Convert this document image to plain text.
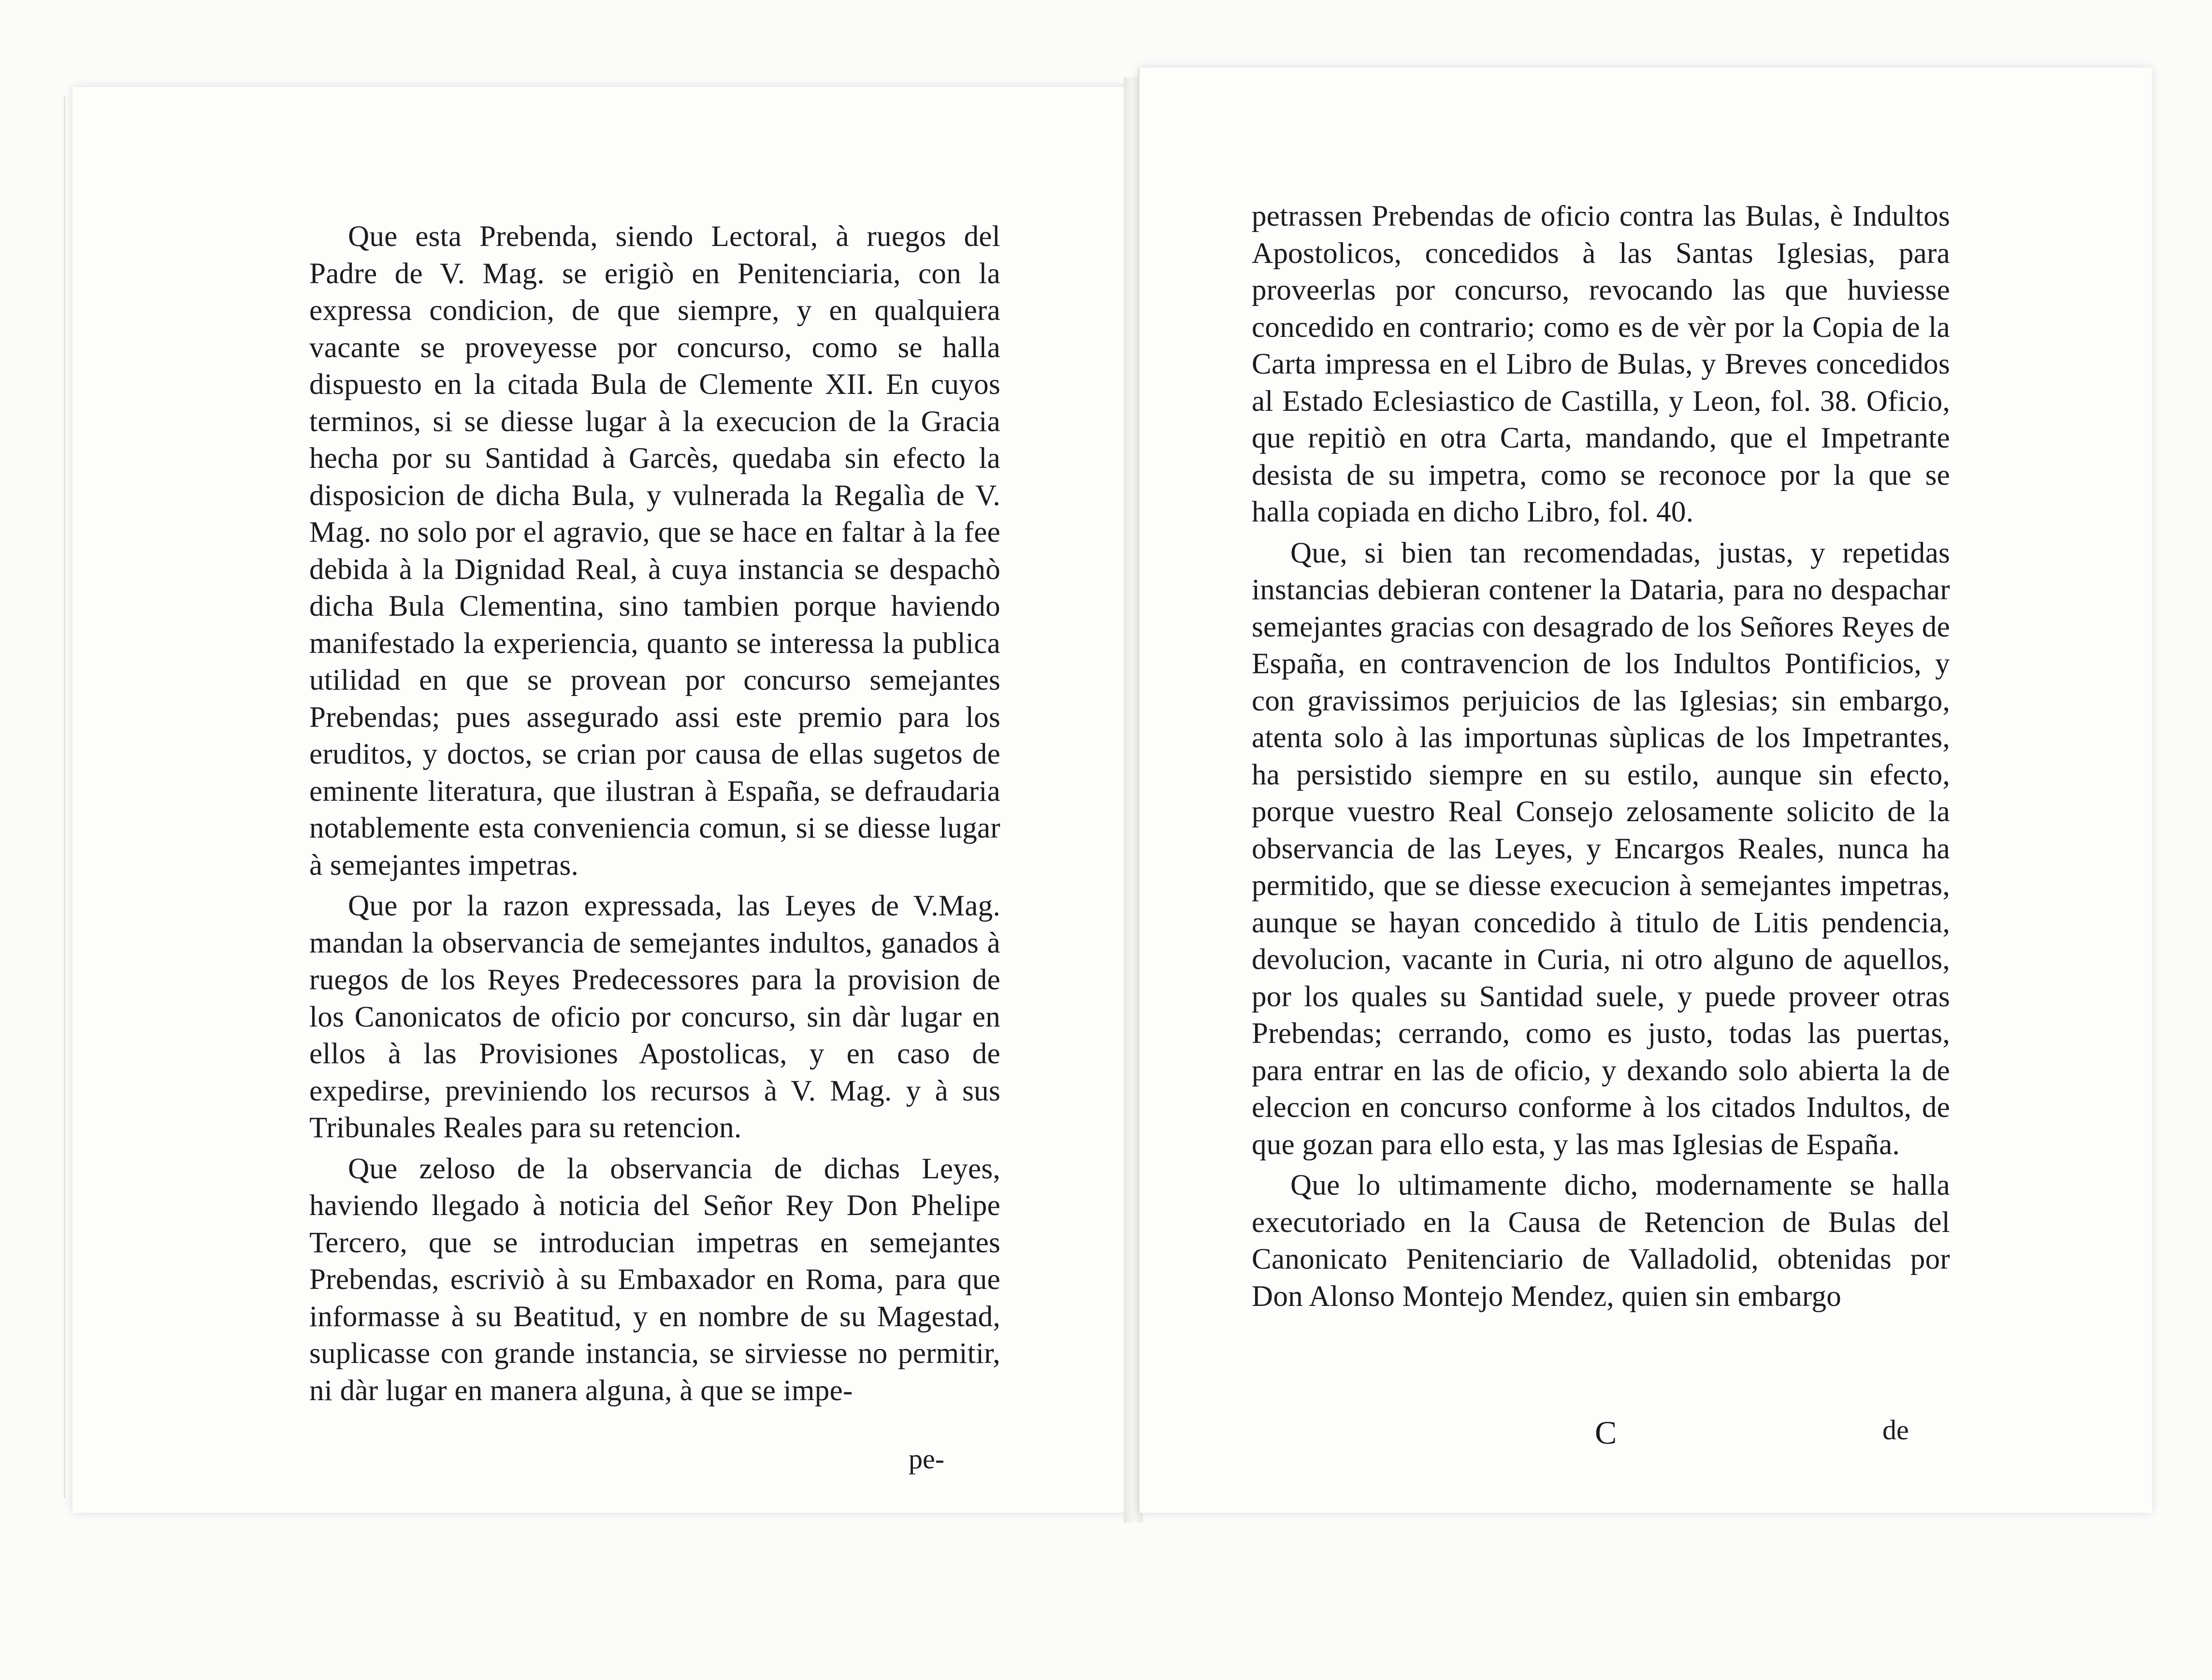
Que esta Prebenda, siendo Lectoral, à ruegos del Padre de V. Mag. se erigiò en Penitenciaria, con la expressa condicion, de que siempre, y en qualquiera vacante se proveyesse por concurso, como se halla dispuesto en la citada Bula de Clemente XII. En cuyos terminos, si se diesse lugar à la execucion de la Gracia hecha por su Santidad à Garcès, quedaba sin efecto la disposicion de dicha Bula, y vulnerada la Regalìa de V. Mag. no solo por el agravio, que se hace en faltar à la fee debida à la Dignidad Real, à cuya instancia se despachò dicha Bula Clementina, sino tambien porque haviendo manifestado la experiencia, quanto se interessa la publica utilidad en que se provean por concurso semejantes Prebendas; pues assegurado assi este premio para los eruditos, y doctos, se crian por causa de ellas sugetos de eminente literatura, que ilustran à España, se defraudaria notablemente esta conveniencia comun, si se diesse lugar à semejantes impetras.

Que por la razon expressada, las Leyes de V.Mag. mandan la observancia de semejantes indultos, ganados à ruegos de los Reyes Predecessores para la provision de los Canonicatos de oficio por concurso, sin dàr lugar en ellos à las Provisiones Apostolicas, y en caso de expedirse, previniendo los recursos à V. Mag. y à sus Tribunales Reales para su retencion.

Que zeloso de la observancia de dichas Leyes, haviendo llegado à noticia del Señor Rey Don Phelipe Tercero, que se introducian impetras en semejantes Prebendas, escriviò à su Embaxador en Roma, para que informasse à su Beatitud, y en nombre de su Magestad, suplicasse con grande instancia, se sirviesse no permitir, ni dàr lugar en manera alguna, à que se impe-

pe-

petrassen Prebendas de oficio contra las Bulas, è Indultos Apostolicos, concedidos à las Santas Iglesias, para proveerlas por concurso, revocando las que huviesse concedido en contrario; como es de vèr por la Copia de la Carta impressa en el Libro de Bulas, y Breves concedidos al Estado Eclesiastico de Castilla, y Leon, fol. 38. Oficio, que repitiò en otra Carta, mandando, que el Impetrante desista de su impetra, como se reconoce por la que se halla copiada en dicho Libro, fol. 40.

Que, si bien tan recomendadas, justas, y repetidas instancias debieran contener la Dataria, para no despachar semejantes gracias con desagrado de los Señores Reyes de España, en contravencion de los Indultos Pontificios, y con gravissimos perjuicios de las Iglesias; sin embargo, atenta solo à las importunas sùplicas de los Impetrantes, ha persistido siempre en su estilo, aunque sin efecto, porque vuestro Real Consejo zelosamente solicito de la observancia de las Leyes, y Encargos Reales, nunca ha permitido, que se diesse execucion à semejantes impetras, aunque se hayan concedido à titulo de Litis pendencia, devolucion, vacante in Curia, ni otro alguno de aquellos, por los quales su Santidad suele, y puede proveer otras Prebendas; cerrando, como es justo, todas las puertas, para entrar en las de oficio, y dexando solo abierta la de eleccion en concurso conforme à los citados Indultos, de que gozan para ello esta, y las mas Iglesias de España.

Que lo ultimamente dicho, modernamente se halla executoriado en la Causa de Retencion de Bulas del Canonicato Penitenciario de Valladolid, obtenidas por Don Alonso Montejo Mendez, quien sin embargo

C	de
